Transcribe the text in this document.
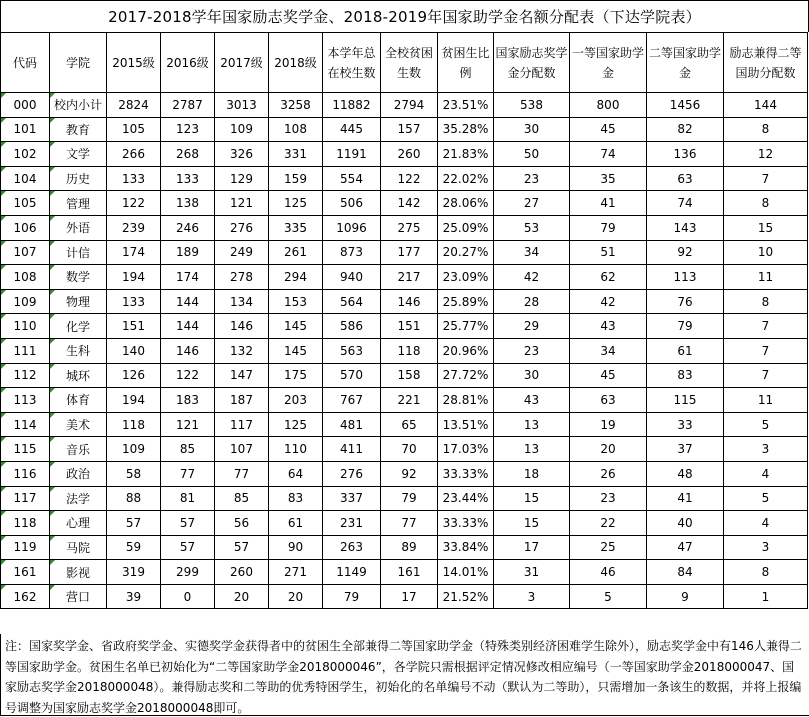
2017-2018学年国家励志奖学金、2018-2019年国家助学金名额分配表（下达学院表）
代码	学院	2015级	2016级	2017级	2018级	本学年总在校生数	全校贫困生数	贫困生比例	国家励志奖学金分配数	一等国家助学金	二等国家助学金	励志兼得二等国助分配数
000	校内小计	2824	2787	3013	3258	11882	2794	23.51%	538	800	1456	144
101	教育	105	123	109	108	445	157	35.28%	30	45	82	8
102	文学	266	268	326	331	1191	260	21.83%	50	74	136	12
104	历史	133	133	129	159	554	122	22.02%	23	35	63	7
105	管理	122	138	121	125	506	142	28.06%	27	41	74	8
106	外语	239	246	276	335	1096	275	25.09%	53	79	143	15
107	计信	174	189	249	261	873	177	20.27%	34	51	92	10
108	数学	194	174	278	294	940	217	23.09%	42	62	113	11
109	物理	133	144	134	153	564	146	25.89%	28	42	76	8
110	化学	151	144	146	145	586	151	25.77%	29	43	79	7
111	生科	140	146	132	145	563	118	20.96%	23	34	61	7
112	城环	126	122	147	175	570	158	27.72%	30	45	83	7
113	体育	194	183	187	203	767	221	28.81%	43	63	115	11
114	美术	118	121	117	125	481	65	13.51%	13	19	33	5
115	音乐	109	85	107	110	411	70	17.03%	13	20	37	3
116	政治	58	77	77	64	276	92	33.33%	18	26	48	4
117	法学	88	81	85	83	337	79	23.44%	15	23	41	5
118	心理	57	57	56	61	231	77	33.33%	15	22	40	4
119	马院	59	57	57	90	263	89	33.84%	17	25	47	3
161	影视	319	299	260	271	1149	161	14.01%	31	46	84	8
162	营口	39	0	20	20	79	17	21.52%	3	5	9	1
注：国家奖学金、省政府奖学金、实德奖学金获得者中的贫困生全部兼得二等国家助学金（特殊类别经济困难学生除外），励志奖学金中有146人兼得二等国家助学金。贫困生名单已初始化为“二等国家助学金2018000046”，各学院只需根据评定情况修改相应编号（一等国家助学金2018000047、国家励志奖学金2018000048）。兼得励志奖和二等助的优秀特困学生，初始化的名单编号不动（默认为二等助），只需增加一条该生的数据，并将上报编号调整为国家励志奖学金2018000048即可。
